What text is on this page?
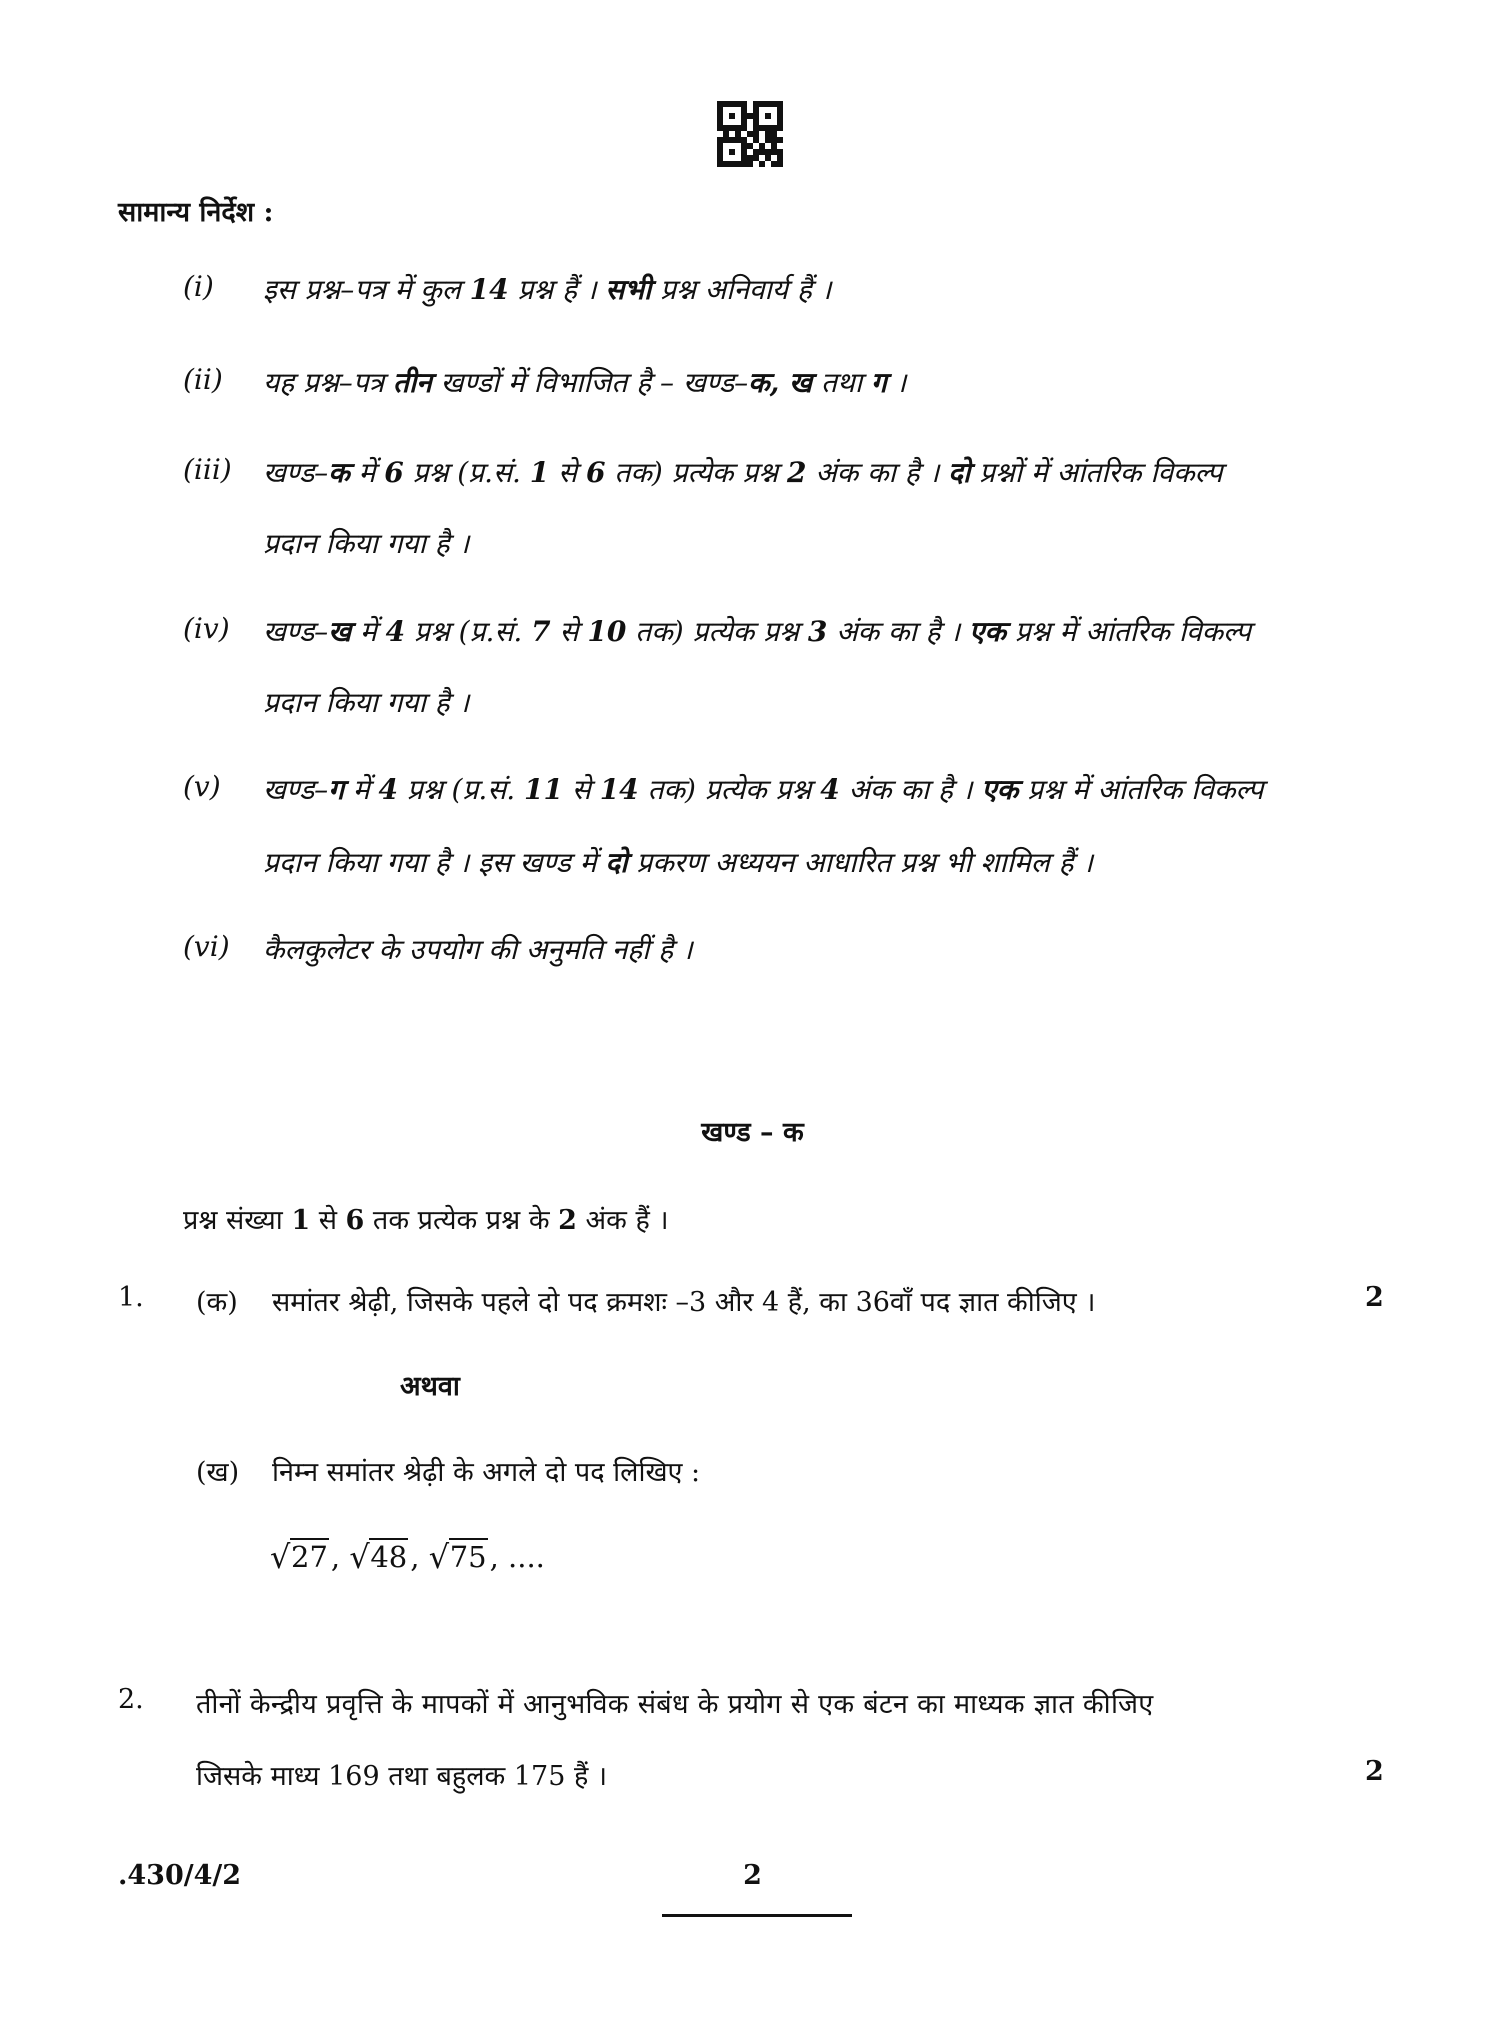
सामान्य निर्देश :
(i) इस प्रश्न–पत्र में कुल 14 प्रश्न हैं । सभी प्रश्न अनिवार्य हैं ।
(ii) यह प्रश्न–पत्र तीन खण्डों में विभाजित है – खण्ड–क, ख तथा ग ।
(iii) खण्ड–क में 6 प्रश्न (प्र.सं. 1 से 6 तक) प्रत्येक प्रश्न 2 अंक का है । दो प्रश्नों में आंतरिक विकल्प
प्रदान किया गया है ।
(iv) खण्ड–ख में 4 प्रश्न (प्र.सं. 7 से 10 तक) प्रत्येक प्रश्न 3 अंक का है । एक प्रश्न में आंतरिक विकल्प
प्रदान किया गया है ।
(v) खण्ड–ग में 4 प्रश्न (प्र.सं. 11 से 14 तक) प्रत्येक प्रश्न 4 अंक का है । एक प्रश्न में आंतरिक विकल्प
प्रदान किया गया है । इस खण्ड में दो प्रकरण अध्ययन आधारित प्रश्न भी शामिल हैं ।
(vi) कैलकुलेटर के उपयोग की अनुमति नहीं है ।
खण्ड – क
प्रश्न संख्या 1 से 6 तक प्रत्येक प्रश्न के 2 अंक हैं ।
1. (क) समांतर श्रेढ़ी, जिसके पहले दो पद क्रमशः –3 और 4 हैं, का 36वाँ पद ज्ञात कीजिए ।	2
अथवा
(ख) निम्न समांतर श्रेढ़ी के अगले दो पद लिखिए :
√ 27 , √ 48 , √ 75 , ....
2. तीनों केन्द्रीय प्रवृत्ति के मापकों में आनुभविक संबंध के प्रयोग से एक बंटन का माध्यक ज्ञात कीजिए
जिसके माध्य 169 तथा बहुलक 175 हैं ।	2
.430/4/2	2
